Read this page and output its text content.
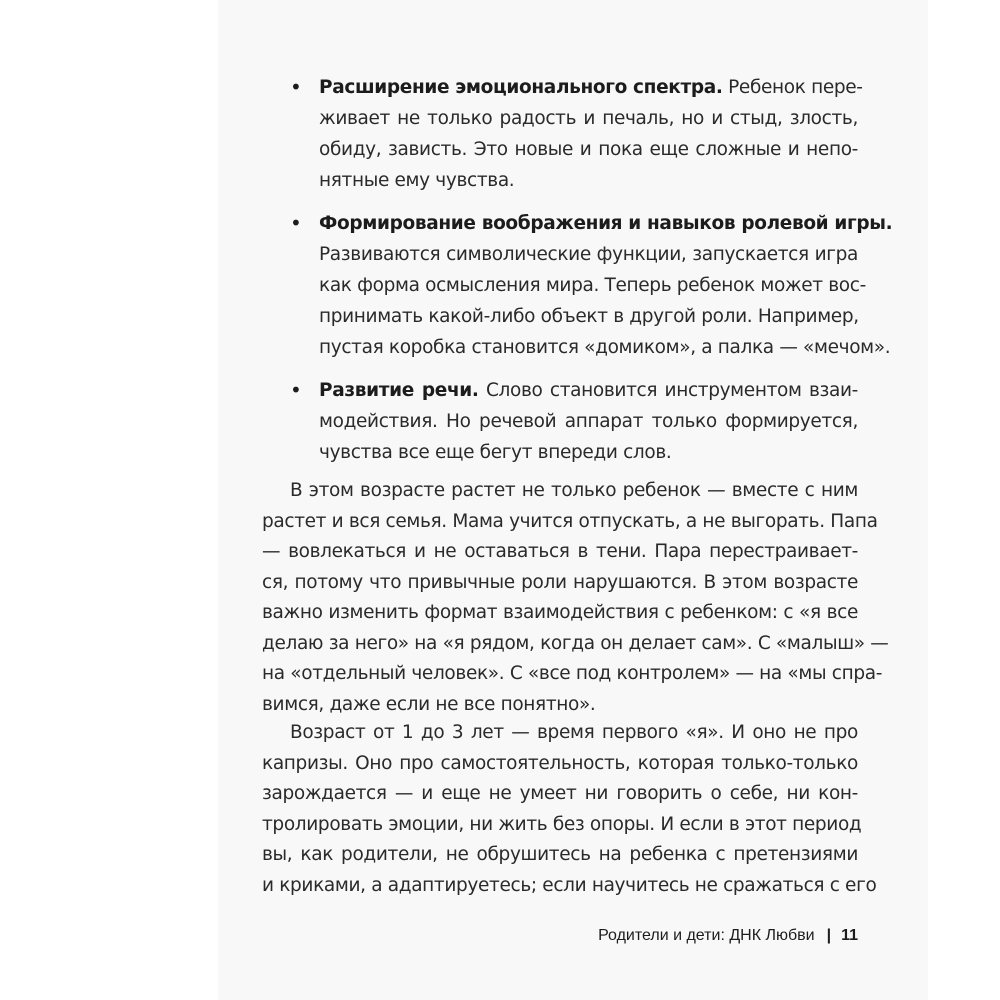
• Расширение эмоционального спектра. Ребенок пере-
живает не только радость и печаль, но и стыд, злость,
обиду, зависть. Это новые и пока еще сложные и непо-
нятные ему чувства.
• Формирование воображения и навыков ролевой игры.
Развиваются символические функции, запускается игра
как форма осмысления мира. Теперь ребенок может вос-
принимать какой-либо объект в другой роли. Например,
пустая коробка становится «домиком», а палка — «мечом».
• Развитие речи. Слово становится инструментом взаи-
модействия. Но речевой аппарат только формируется,
чувства все еще бегут впереди слов.
В этом возрасте растет не только ребенок — вместе с ним
растет и вся семья. Мама учится отпускать, а не выгорать. Папа
— вовлекаться и не оставаться в тени. Пара перестраивает-
ся, потому что привычные роли нарушаются. В этом возрасте
важно изменить формат взаимодействия с ребенком: с «я все
делаю за него» на «я рядом, когда он делает сам». С «малыш» —
на «отдельный человек». С «все под контролем» — на «мы спра-
вимся, даже если не все понятно».
Возраст от 1 до 3 лет — время первого «я». И оно не про
капризы. Оно про самостоятельность, которая только-только
зарождается — и еще не умеет ни говорить о себе, ни кон-
тролировать эмоции, ни жить без опоры. И если в этот период
вы, как родители, не обрушитесь на ребенка с претензиями
и криками, а адаптируетесь; если научитесь не сражаться с его
Родители и дети: ДНК Любви | 11
